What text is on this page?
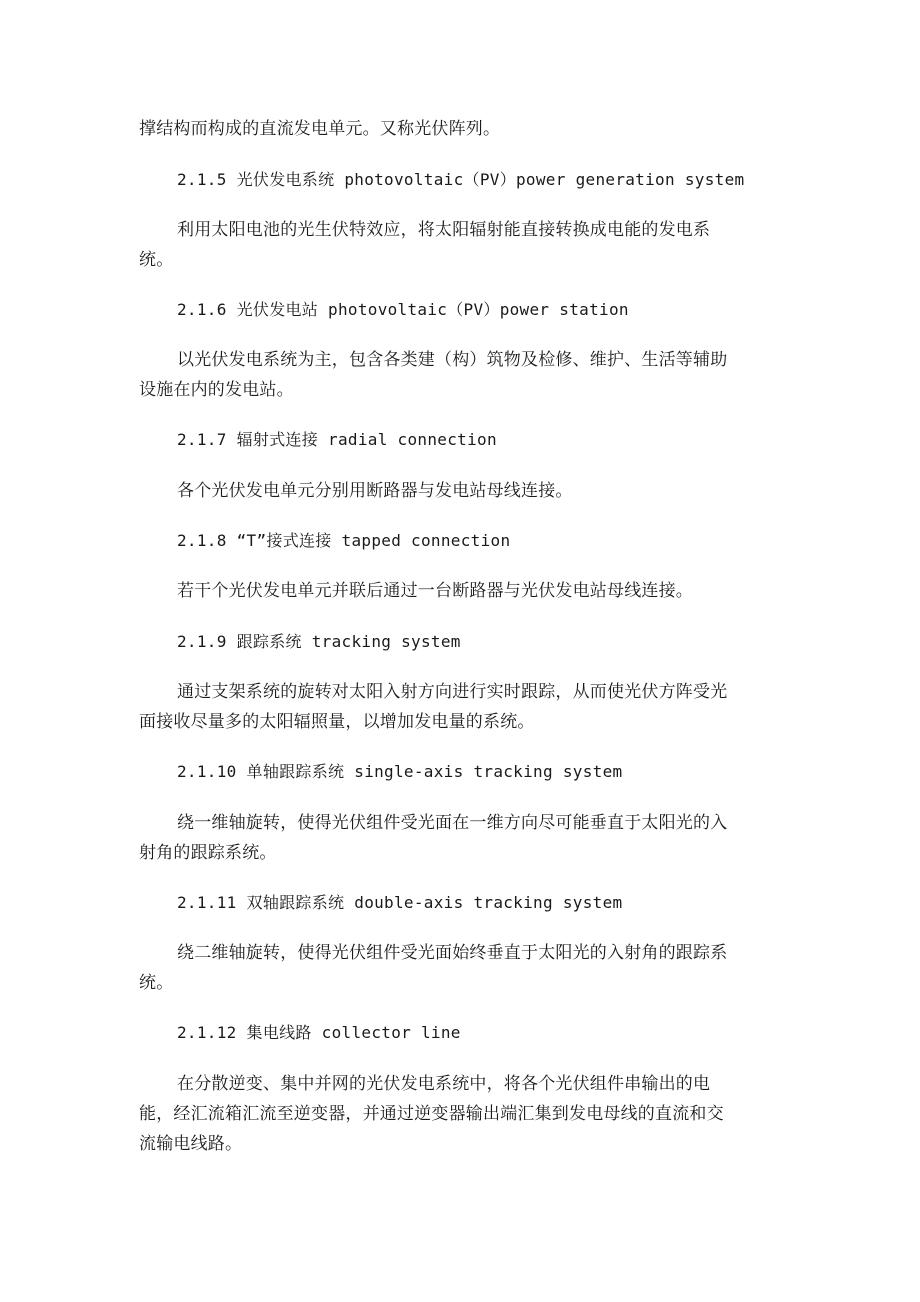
撑结构而构成的直流发电单元。又称光伏阵列。
2.1.5 光伏发电系统 photovoltaic（PV）power generation system
利用太阳电池的光生伏特效应，将太阳辐射能直接转换成电能的发电系
统。
2.1.6 光伏发电站 photovoltaic（PV）power station
以光伏发电系统为主，包含各类建（构）筑物及检修、维护、生活等辅助
设施在内的发电站。
2.1.7 辐射式连接 radial connection
各个光伏发电单元分别用断路器与发电站母线连接。
2.1.8 “T”接式连接 tapped connection
若干个光伏发电单元并联后通过一台断路器与光伏发电站母线连接。
2.1.9 跟踪系统 tracking system
通过支架系统的旋转对太阳入射方向进行实时跟踪，从而使光伏方阵受光
面接收尽量多的太阳辐照量，以增加发电量的系统。
2.1.10 单轴跟踪系统 single-axis tracking system
绕一维轴旋转，使得光伏组件受光面在一维方向尽可能垂直于太阳光的入
射角的跟踪系统。
2.1.11 双轴跟踪系统 double-axis tracking system
绕二维轴旋转，使得光伏组件受光面始终垂直于太阳光的入射角的跟踪系
统。
2.1.12 集电线路 collector line
在分散逆变、集中并网的光伏发电系统中，将各个光伏组件串输出的电
能，经汇流箱汇流至逆变器，并通过逆变器输出端汇集到发电母线的直流和交
流输电线路。
